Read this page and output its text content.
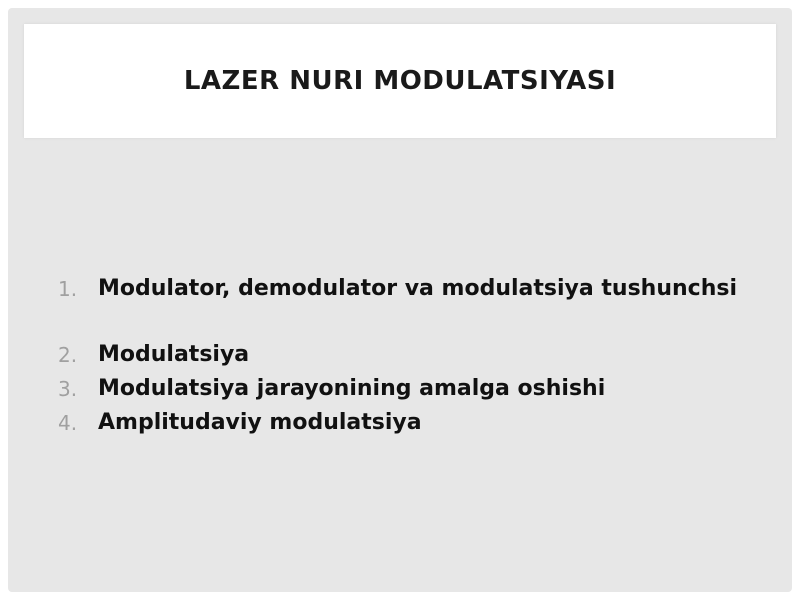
LAZER NURI MODULATSIYASI
1. Modulator, demodulator va modulatsiya tushunchsi
2. Modulatsiya
3. Modulatsiya jarayonining amalga oshishi
4. Amplitudaviy modulatsiya
